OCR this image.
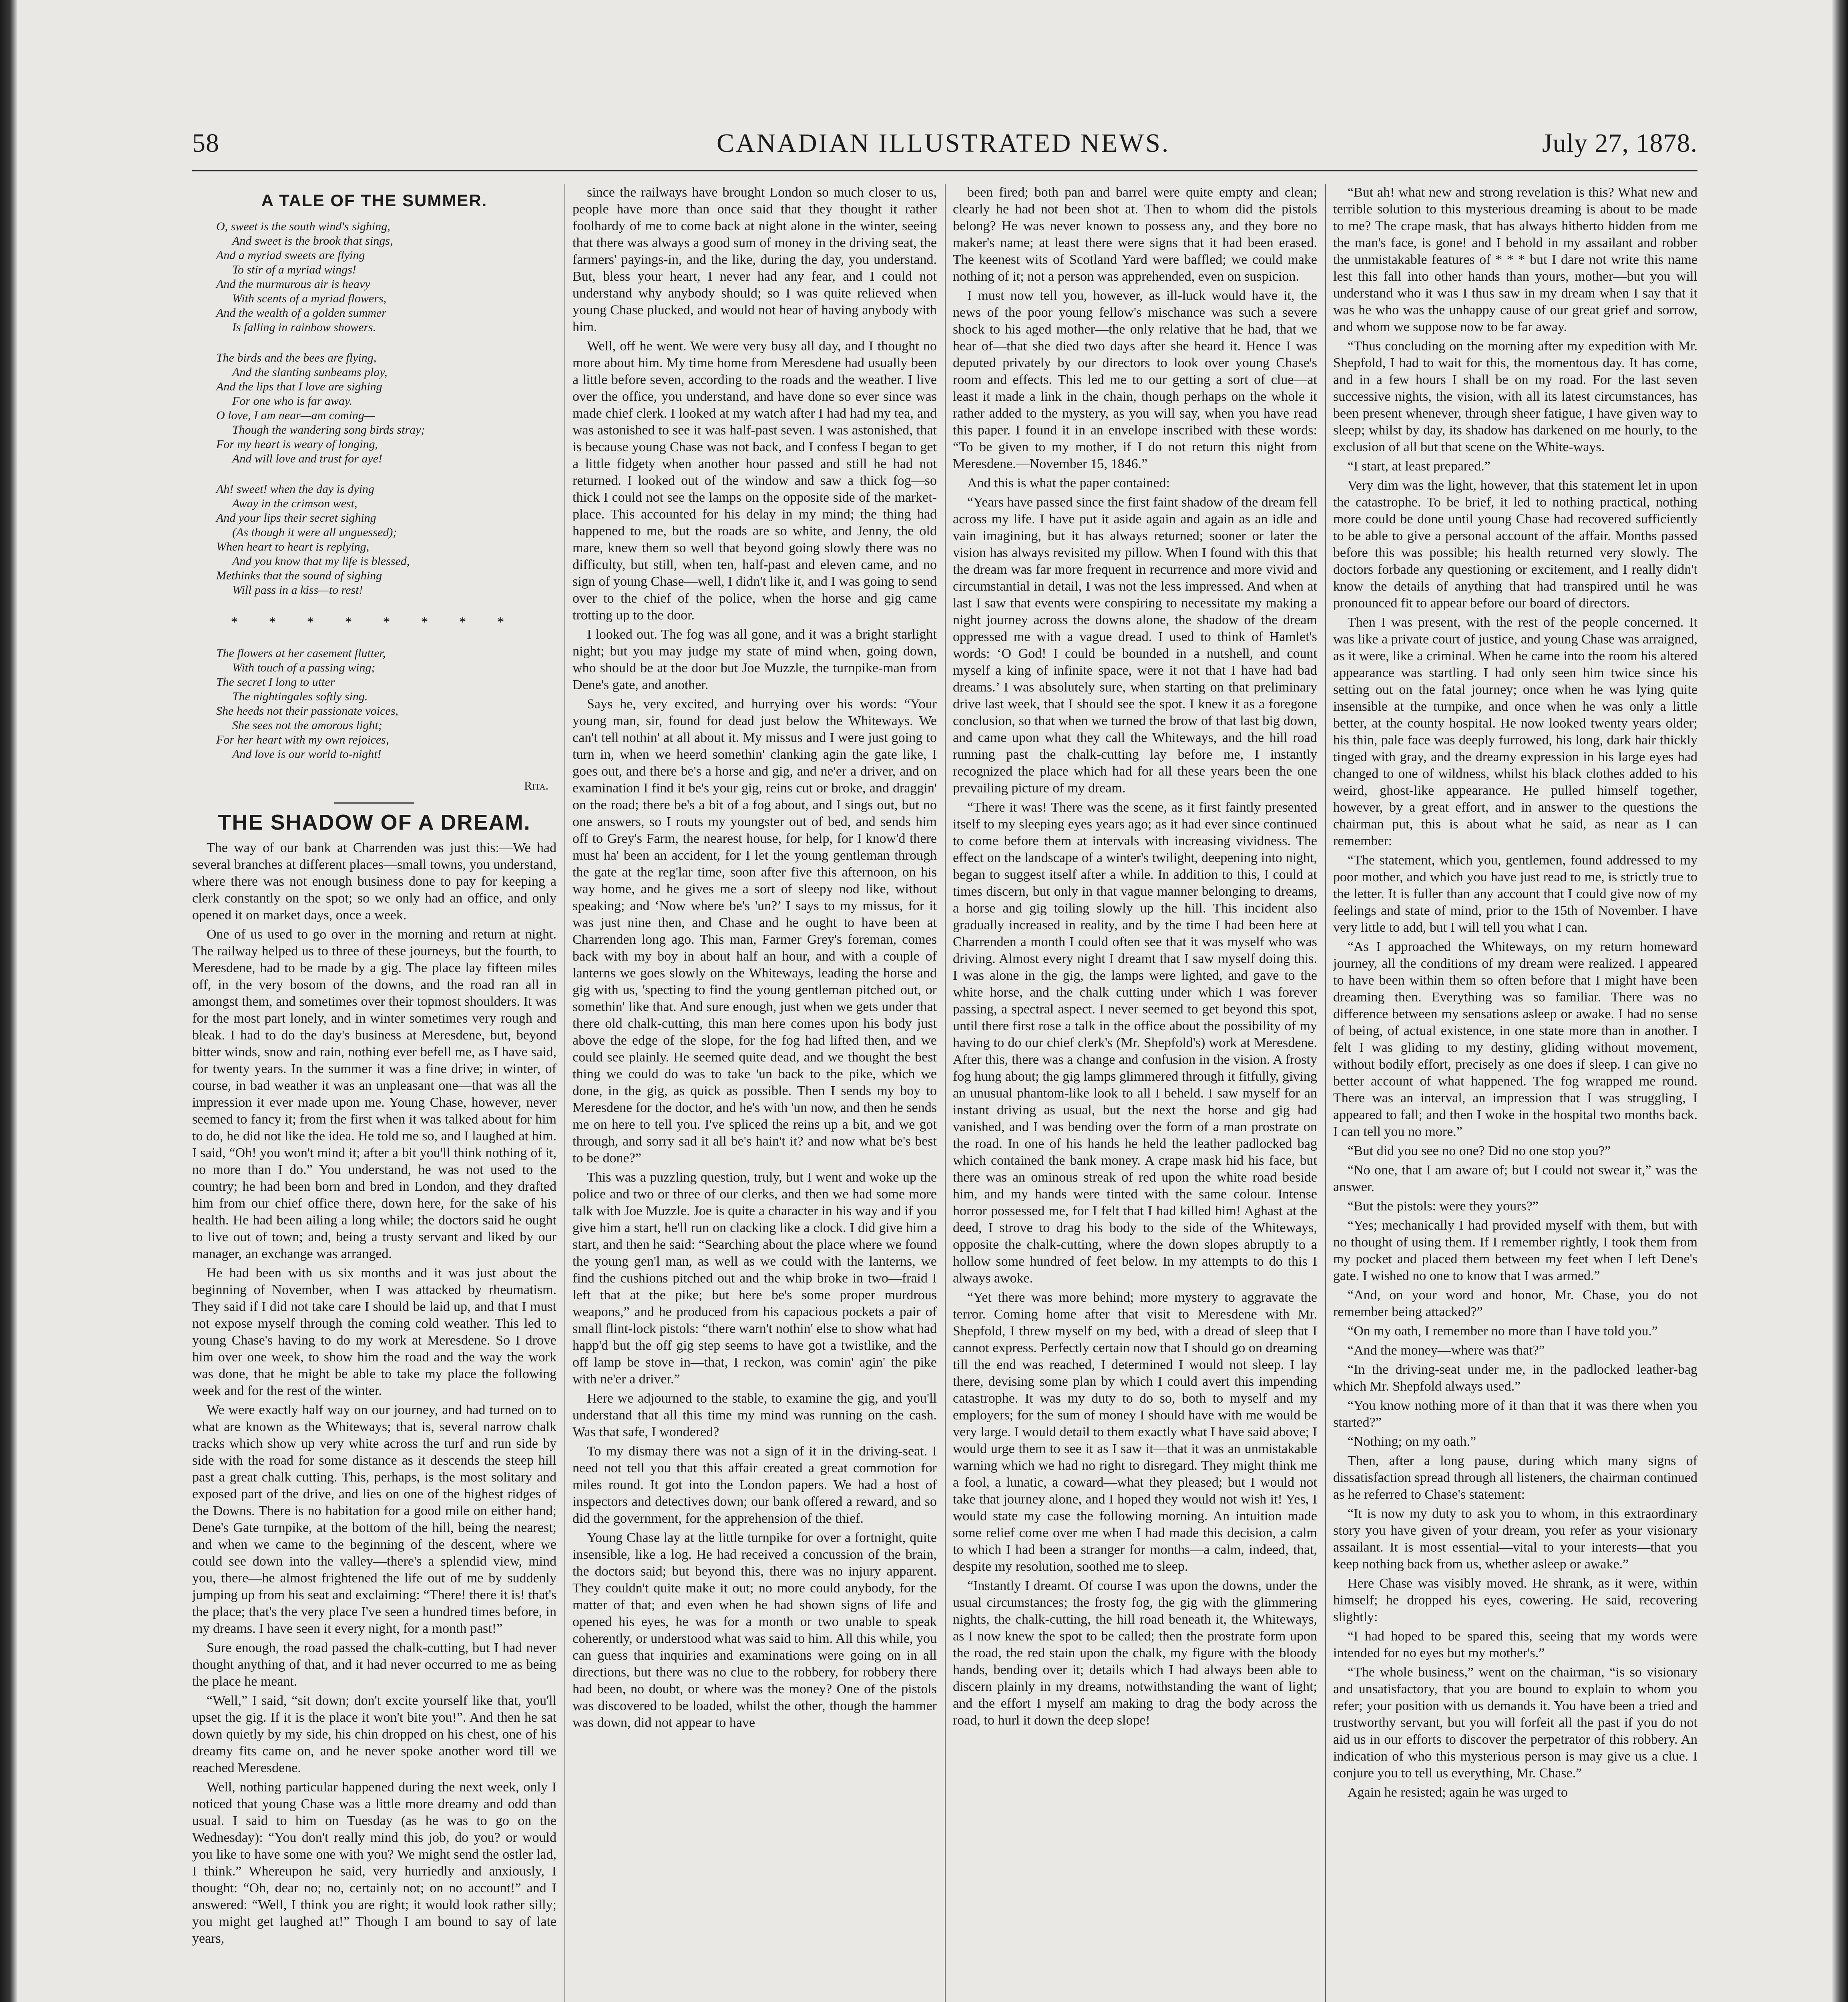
58	CANADIAN ILLUSTRATED NEWS.	July 27, 1878.
A TALE OF THE SUMMER.
O, sweet is the south wind's sighing,
And sweet is the brook that sings,
And a myriad sweets are flying
To stir of a myriad wings!
And the murmurous air is heavy
With scents of a myriad flowers,
And the wealth of a golden summer
Is falling in rainbow showers.
The birds and the bees are flying,
And the slanting sunbeams play,
And the lips that I love are sighing
For one who is far away.
O love, I am near—am coming—
Though the wandering song birds stray;
For my heart is weary of longing,
And will love and trust for aye!
Ah! sweet! when the day is dying
Away in the crimson west,
And your lips their secret sighing
(As though it were all unguessed);
When heart to heart is replying,
And you know that my life is blessed,
Methinks that the sound of sighing
Will pass in a kiss—to rest!
* * * * * * * *
The flowers at her casement flutter,
With touch of a passing wing;
The secret I long to utter
The nightingales softly sing.
She heeds not their passionate voices,
She sees not the amorous light;
For her heart with my own rejoices,
And love is our world to-night!
Rita.
THE SHADOW OF A DREAM.

The way of our bank at Charrenden was just this:—We had several branches at different places—small towns, you understand, where there was not enough business done to pay for keeping a clerk constantly on the spot; so we only had an office, and only opened it on market days, once a week.

One of us used to go over in the morning and return at night. The railway helped us to three of these journeys, but the fourth, to Meresdene, had to be made by a gig. The place lay fifteen miles off, in the very bosom of the downs, and the road ran all in amongst them, and sometimes over their topmost shoulders. It was for the most part lonely, and in winter sometimes very rough and bleak. I had to do the day's business at Meresdene, but, beyond bitter winds, snow and rain, nothing ever befell me, as I have said, for twenty years. In the summer it was a fine drive; in winter, of course, in bad weather it was an unpleasant one—that was all the impression it ever made upon me. Young Chase, however, never seemed to fancy it; from the first when it was talked about for him to do, he did not like the idea. He told me so, and I laughed at him. I said, “Oh! you won't mind it; after a bit you'll think nothing of it, no more than I do.” You understand, he was not used to the country; he had been born and bred in London, and they drafted him from our chief office there, down here, for the sake of his health. He had been ailing a long while; the doctors said he ought to live out of town; and, being a trusty servant and liked by our manager, an exchange was arranged.

He had been with us six months and it was just about the beginning of November, when I was attacked by rheumatism. They said if I did not take care I should be laid up, and that I must not expose myself through the coming cold weather. This led to young Chase's having to do my work at Meresdene. So I drove him over one week, to show him the road and the way the work was done, that he might be able to take my place the following week and for the rest of the winter.

We were exactly half way on our journey, and had turned on to what are known as the Whiteways; that is, several narrow chalk tracks which show up very white across the turf and run side by side with the road for some distance as it descends the steep hill past a great chalk cutting. This, perhaps, is the most solitary and exposed part of the drive, and lies on one of the highest ridges of the Downs. There is no habitation for a good mile on either hand; Dene's Gate turnpike, at the bottom of the hill, being the nearest; and when we came to the beginning of the descent, where we could see down into the valley—there's a splendid view, mind you, there—he almost frightened the life out of me by suddenly jumping up from his seat and exclaiming: “There! there it is! that's the place; that's the very place I've seen a hundred times before, in my dreams. I have seen it every night, for a month past!”

Sure enough, the road passed the chalk-cutting, but I had never thought anything of that, and it had never occurred to me as being the place he meant.

“Well,” I said, “sit down; don't excite yourself like that, you'll upset the gig. If it is the place it won't bite you!”. And then he sat down quietly by my side, his chin dropped on his chest, one of his dreamy fits came on, and he never spoke another word till we reached Meresdene.

Well, nothing particular happened during the next week, only I noticed that young Chase was a little more dreamy and odd than usual. I said to him on Tuesday (as he was to go on the Wednesday): “You don't really mind this job, do you? or would you like to have some one with you? We might send the ostler lad, I think.” Whereupon he said, very hurriedly and anxiously, I thought: “Oh, dear no; no, certainly not; on no account!” and I answered: “Well, I think you are right; it would look rather silly; you might get laughed at!” Though I am bound to say of late years,

since the railways have brought London so much closer to us, people have more than once said that they thought it rather foolhardy of me to come back at night alone in the winter, seeing that there was always a good sum of money in the driving seat, the farmers' payings-in, and the like, during the day, you understand. But, bless your heart, I never had any fear, and I could not understand why anybody should; so I was quite relieved when young Chase plucked, and would not hear of having anybody with him.

Well, off he went. We were very busy all day, and I thought no more about him. My time home from Meresdene had usually been a little before seven, according to the roads and the weather. I live over the office, you understand, and have done so ever since was made chief clerk. I looked at my watch after I had had my tea, and was astonished to see it was half-past seven. I was astonished, that is because young Chase was not back, and I confess I began to get a little fidgety when another hour passed and still he had not returned. I looked out of the window and saw a thick fog—so thick I could not see the lamps on the opposite side of the market-place. This accounted for his delay in my mind; the thing had happened to me, but the roads are so white, and Jenny, the old mare, knew them so well that beyond going slowly there was no difficulty, but still, when ten, half-past and eleven came, and no sign of young Chase—well, I didn't like it, and I was going to send over to the chief of the police, when the horse and gig came trotting up to the door.

I looked out. The fog was all gone, and it was a bright starlight night; but you may judge my state of mind when, going down, who should be at the door but Joe Muzzle, the turnpike-man from Dene's gate, and another.

Says he, very excited, and hurrying over his words: “Your young man, sir, found for dead just below the Whiteways. We can't tell nothin' at all about it. My missus and I were just going to turn in, when we heerd somethin' clanking agin the gate like, I goes out, and there be's a horse and gig, and ne'er a driver, and on examination I find it be's your gig, reins cut or broke, and draggin' on the road; there be's a bit of a fog about, and I sings out, but no one answers, so I routs my youngster out of bed, and sends him off to Grey's Farm, the nearest house, for help, for I know'd there must ha' been an accident, for I let the young gentleman through the gate at the reg'lar time, soon after five this afternoon, on his way home, and he gives me a sort of sleepy nod like, without speaking; and ‘Now where be's 'un?’ I says to my missus, for it was just nine then, and Chase and he ought to have been at Charrenden long ago. This man, Farmer Grey's foreman, comes back with my boy in about half an hour, and with a couple of lanterns we goes slowly on the Whiteways, leading the horse and gig with us, 'specting to find the young gentleman pitched out, or somethin' like that. And sure enough, just when we gets under that there old chalk-cutting, this man here comes upon his body just above the edge of the slope, for the fog had lifted then, and we could see plainly. He seemed quite dead, and we thought the best thing we could do was to take 'un back to the pike, which we done, in the gig, as quick as possible. Then I sends my boy to Meresdene for the doctor, and he's with 'un now, and then he sends me on here to tell you. I've spliced the reins up a bit, and we got through, and sorry sad it all be's hain't it? and now what be's best to be done?”

This was a puzzling question, truly, but I went and woke up the police and two or three of our clerks, and then we had some more talk with Joe Muzzle. Joe is quite a character in his way and if you give him a start, he'll run on clacking like a clock. I did give him a start, and then he said: “Searching about the place where we found the young gen'l man, as well as we could with the lanterns, we find the cushions pitched out and the whip broke in two—fraid I left that at the pike; but here be's some proper murdrous weapons,” and he produced from his capacious pockets a pair of small flint-lock pistols: “there warn't nothin' else to show what had happ'd but the off gig step seems to have got a twistlike, and the off lamp be stove in—that, I reckon, was comin' agin' the pike with ne'er a driver.”

Here we adjourned to the stable, to examine the gig, and you'll understand that all this time my mind was running on the cash. Was that safe, I wondered?

To my dismay there was not a sign of it in the driving-seat. I need not tell you that this affair created a great commotion for miles round. It got into the London papers. We had a host of inspectors and detectives down; our bank offered a reward, and so did the government, for the apprehension of the thief.

Young Chase lay at the little turnpike for over a fortnight, quite insensible, like a log. He had received a concussion of the brain, the doctors said; but beyond this, there was no injury apparent. They couldn't quite make it out; no more could anybody, for the matter of that; and even when he had shown signs of life and opened his eyes, he was for a month or two unable to speak coherently, or understood what was said to him. All this while, you can guess that inquiries and examinations were going on in all directions, but there was no clue to the robbery, for robbery there had been, no doubt, or where was the money? One of the pistols was discovered to be loaded, whilst the other, though the hammer was down, did not appear to have

been fired; both pan and barrel were quite empty and clean; clearly he had not been shot at. Then to whom did the pistols belong? He was never known to possess any, and they bore no maker's name; at least there were signs that it had been erased. The keenest wits of Scotland Yard were baffled; we could make nothing of it; not a person was apprehended, even on suspicion.

I must now tell you, however, as ill-luck would have it, the news of the poor young fellow's mischance was such a severe shock to his aged mother—the only relative that he had, that we hear of—that she died two days after she heard it. Hence I was deputed privately by our directors to look over young Chase's room and effects. This led me to our getting a sort of clue—at least it made a link in the chain, though perhaps on the whole it rather added to the mystery, as you will say, when you have read this paper. I found it in an envelope inscribed with these words: “To be given to my mother, if I do not return this night from Meresdene.—November 15, 1846.”

And this is what the paper contained:

“Years have passed since the first faint shadow of the dream fell across my life. I have put it aside again and again as an idle and vain imagining, but it has always returned; sooner or later the vision has always revisited my pillow. When I found with this that the dream was far more frequent in recurrence and more vivid and circumstantial in detail, I was not the less impressed. And when at last I saw that events were conspiring to necessitate my making a night journey across the downs alone, the shadow of the dream oppressed me with a vague dread. I used to think of Hamlet's words: ‘O God! I could be bounded in a nutshell, and count myself a king of infinite space, were it not that I have had bad dreams.’ I was absolutely sure, when starting on that preliminary drive last week, that I should see the spot. I knew it as a foregone conclusion, so that when we turned the brow of that last big down, and came upon what they call the Whiteways, and the hill road running past the chalk-cutting lay before me, I instantly recognized the place which had for all these years been the one prevailing picture of my dream.

“There it was! There was the scene, as it first faintly presented itself to my sleeping eyes years ago; as it had ever since continued to come before them at intervals with increasing vividness. The effect on the landscape of a winter's twilight, deepening into night, began to suggest itself after a while. In addition to this, I could at times discern, but only in that vague manner belonging to dreams, a horse and gig toiling slowly up the hill. This incident also gradually increased in reality, and by the time I had been here at Charrenden a month I could often see that it was myself who was driving. Almost every night I dreamt that I saw myself doing this. I was alone in the gig, the lamps were lighted, and gave to the white horse, and the chalk cutting under which I was forever passing, a spectral aspect. I never seemed to get beyond this spot, until there first rose a talk in the office about the possibility of my having to do our chief clerk's (Mr. Shepfold's) work at Meresdene. After this, there was a change and confusion in the vision. A frosty fog hung about; the gig lamps glimmered through it fitfully, giving an unusual phantom-like look to all I beheld. I saw myself for an instant driving as usual, but the next the horse and gig had vanished, and I was bending over the form of a man prostrate on the road. In one of his hands he held the leather padlocked bag which contained the bank money. A crape mask hid his face, but there was an ominous streak of red upon the white road beside him, and my hands were tinted with the same colour. Intense horror possessed me, for I felt that I had killed him! Aghast at the deed, I strove to drag his body to the side of the Whiteways, opposite the chalk-cutting, where the down slopes abruptly to a hollow some hundred of feet below. In my attempts to do this I always awoke.

“Yet there was more behind; more mystery to aggravate the terror. Coming home after that visit to Meresdene with Mr. Shepfold, I threw myself on my bed, with a dread of sleep that I cannot express. Perfectly certain now that I should go on dreaming till the end was reached, I determined I would not sleep. I lay there, devising some plan by which I could avert this impending catastrophe. It was my duty to do so, both to myself and my employers; for the sum of money I should have with me would be very large. I would detail to them exactly what I have said above; I would urge them to see it as I saw it—that it was an unmistakable warning which we had no right to disregard. They might think me a fool, a lunatic, a coward—what they pleased; but I would not take that journey alone, and I hoped they would not wish it! Yes, I would state my case the following morning. An intuition made some relief come over me when I had made this decision, a calm to which I had been a stranger for months—a calm, indeed, that, despite my resolution, soothed me to sleep.

“Instantly I dreamt. Of course I was upon the downs, under the usual circumstances; the frosty fog, the gig with the glimmering nights, the chalk-cutting, the hill road beneath it, the Whiteways, as I now knew the spot to be called; then the prostrate form upon the road, the red stain upon the chalk, my figure with the bloody hands, bending over it; details which I had always been able to discern plainly in my dreams, notwithstanding the want of light; and the effort I myself am making to drag the body across the road, to hurl it down the deep slope!

“But ah! what new and strong revelation is this? What new and terrible solution to this mysterious dreaming is about to be made to me? The crape mask, that has always hitherto hidden from me the man's face, is gone! and I behold in my assailant and robber the unmistakable features of * * * but I dare not write this name lest this fall into other hands than yours, mother—but you will understand who it was I thus saw in my dream when I say that it was he who was the unhappy cause of our great grief and sorrow, and whom we suppose now to be far away.

“Thus concluding on the morning after my expedition with Mr. Shepfold, I had to wait for this, the momentous day. It has come, and in a few hours I shall be on my road. For the last seven successive nights, the vision, with all its latest circumstances, has been present whenever, through sheer fatigue, I have given way to sleep; whilst by day, its shadow has darkened on me hourly, to the exclusion of all but that scene on the White-ways.

“I start, at least prepared.”

Very dim was the light, however, that this statement let in upon the catastrophe. To be brief, it led to nothing practical, nothing more could be done until young Chase had recovered sufficiently to be able to give a personal account of the affair. Months passed before this was possible; his health returned very slowly. The doctors forbade any questioning or excitement, and I really didn't know the details of anything that had transpired until he was pronounced fit to appear before our board of directors.

Then I was present, with the rest of the people concerned. It was like a private court of justice, and young Chase was arraigned, as it were, like a criminal. When he came into the room his altered appearance was startling. I had only seen him twice since his setting out on the fatal journey; once when he was lying quite insensible at the turnpike, and once when he was only a little better, at the county hospital. He now looked twenty years older; his thin, pale face was deeply furrowed, his long, dark hair thickly tinged with gray, and the dreamy expression in his large eyes had changed to one of wildness, whilst his black clothes added to his weird, ghost-like appearance. He pulled himself together, however, by a great effort, and in answer to the questions the chairman put, this is about what he said, as near as I can remember:

“The statement, which you, gentlemen, found addressed to my poor mother, and which you have just read to me, is strictly true to the letter. It is fuller than any account that I could give now of my feelings and state of mind, prior to the 15th of November. I have very little to add, but I will tell you what I can.

“As I approached the Whiteways, on my return homeward journey, all the conditions of my dream were realized. I appeared to have been within them so often before that I might have been dreaming then. Everything was so familiar. There was no difference between my sensations asleep or awake. I had no sense of being, of actual existence, in one state more than in another. I felt I was gliding to my destiny, gliding without movement, without bodily effort, precisely as one does if sleep. I can give no better account of what happened. The fog wrapped me round. There was an interval, an impression that I was struggling, I appeared to fall; and then I woke in the hospital two months back. I can tell you no more.”

“But did you see no one? Did no one stop you?”

“No one, that I am aware of; but I could not swear it,” was the answer.

“But the pistols: were they yours?”

“Yes; mechanically I had provided myself with them, but with no thought of using them. If I remember rightly, I took them from my pocket and placed them between my feet when I left Dene's gate. I wished no one to know that I was armed.”

“And, on your word and honor, Mr. Chase, you do not remember being attacked?”

“On my oath, I remember no more than I have told you.”

“And the money—where was that?”

“In the driving-seat under me, in the padlocked leather-bag which Mr. Shepfold always used.”

“You know nothing more of it than that it was there when you started?”

“Nothing; on my oath.”

Then, after a long pause, during which many signs of dissatisfaction spread through all listeners, the chairman continued as he referred to Chase's statement:

“It is now my duty to ask you to whom, in this extraordinary story you have given of your dream, you refer as your visionary assailant. It is most essential—vital to your interests—that you keep nothing back from us, whether asleep or awake.”

Here Chase was visibly moved. He shrank, as it were, within himself; he dropped his eyes, cowering. He said, recovering slightly:

“I had hoped to be spared this, seeing that my words were intended for no eyes but my mother's.”

“The whole business,” went on the chairman, “is so visionary and unsatisfactory, that you are bound to explain to whom you refer; your position with us demands it. You have been a tried and trustworthy servant, but you will forfeit all the past if you do not aid us in our efforts to discover the perpetrator of this robbery. An indication of who this mysterious person is may give us a clue. I conjure you to tell us everything, Mr. Chase.”

Again he resisted; again he was urged to
